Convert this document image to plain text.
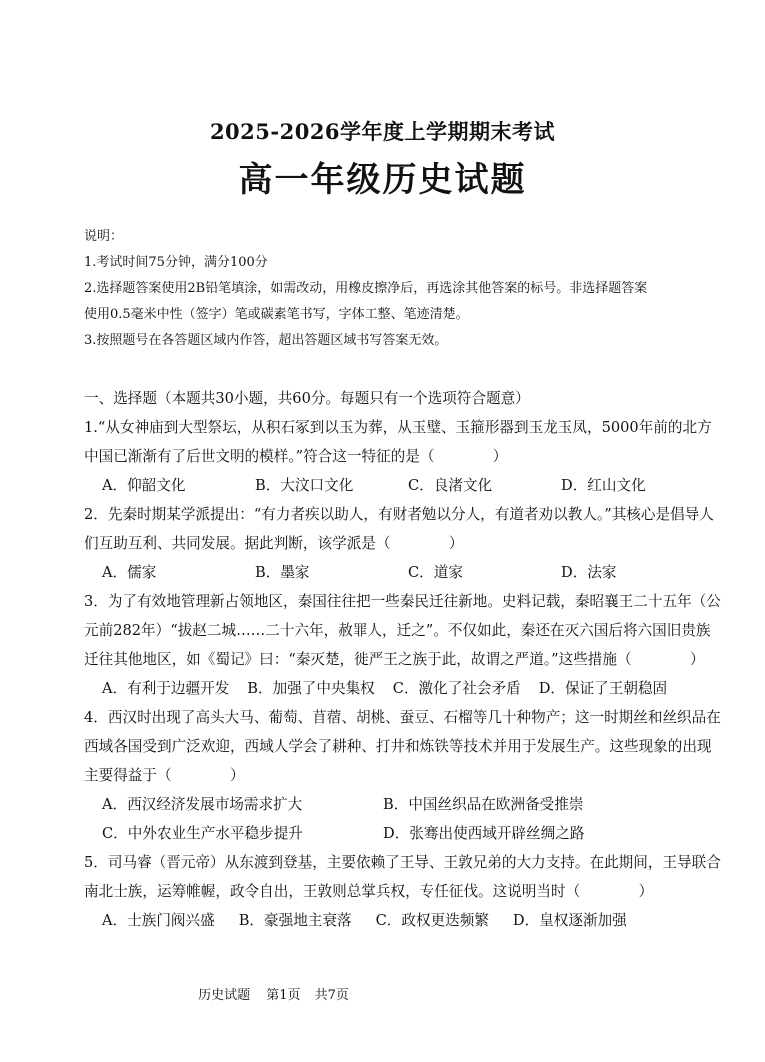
2025-2026学年度上学期期末考试
高一年级历史试题
说明：
1.考试时间75分钟，满分100分
2.选择题答案使用2B铅笔填涂，如需改动，用橡皮擦净后，再选涂其他答案的标号。非选择题答案
使用0.5毫米中性（签字）笔或碳素笔书写，字体工整、笔迹清楚。
3.按照题号在各答题区域内作答，超出答题区域书写答案无效。
一、选择题（本题共30小题，共60分。每题只有一个选项符合题意）
1.“从女神庙到大型祭坛，从积石冢到以玉为葬，从玉璧、玉箍形器到玉龙玉凤，5000年前的北方
中国已渐渐有了后世文明的模样。”符合这一特征的是（　　　　）
A．仰韶文化	B．大汶口文化	C．良渚文化	D．红山文化
2．先秦时期某学派提出：“有力者疾以助人，有财者勉以分人，有道者劝以教人。”其核心是倡导人
们互助互利、共同发展。据此判断，该学派是（　　　　）
A．儒家	B．墨家	C．道家	D．法家
3．为了有效地管理新占领地区，秦国往往把一些秦民迁往新地。史料记载，秦昭襄王二十五年（公
元前282年）“拔赵二城……二十六年，赦罪人，迁之”。不仅如此，秦还在灭六国后将六国旧贵族
迁往其他地区，如《蜀记》曰：“秦灭楚，徙严王之族于此，故谓之严道。”这些措施（　　　　）
A．有利于边疆开发 B．加强了中央集权 C．激化了社会矛盾 D．保证了王朝稳固
4．西汉时出现了高头大马、葡萄、苜蓿、胡桃、蚕豆、石榴等几十种物产；这一时期丝和丝织品在
西域各国受到广泛欢迎，西域人学会了耕种、打井和炼铁等技术并用于发展生产。这些现象的出现
主要得益于（　　　　）
A．西汉经济发展市场需求扩大	B．中国丝织品在欧洲备受推崇
C．中外农业生产水平稳步提升	D．张骞出使西域开辟丝绸之路
5．司马睿（晋元帝）从东渡到登基，主要依赖了王导、王敦兄弟的大力支持。在此期间，王导联合
南北士族，运筹帷幄，政令自出，王敦则总掌兵权，专任征伐。这说明当时（　　　　）
A．士族门阀兴盛 B．豪强地主衰落 C．政权更迭频繁 D．皇权逐渐加强
历史试题 第1页 共7页
